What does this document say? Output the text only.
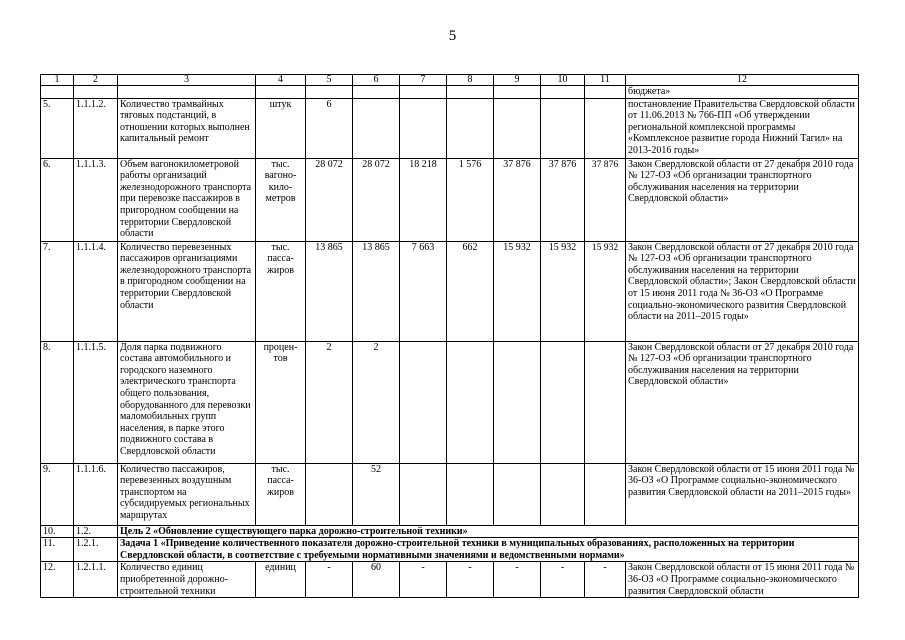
5
1	2	3	4	5	6	7	8	9	10	11	12
											бюджета»
5.	1.1.1.2.	Количество трамвайных тяговых подстанций, в отношении которых выполнен капитальный ремонт	штук	6							постановление Правительства Свердловской области от 11.06.2013 № 766-ПП «Об утверждении региональной комплексной программы «Комплексное развитие города Нижний Тагил» на 2013-2016 годы»
6.	1.1.1.3.	Объем вагонокилометровой работы организаций железнодорожного транспорта при перевозке пассажиров в пригородном сообщении на территории Свердловской области	тыс. вагоно-кило-метров	28 072	28 072	18 218	1 576	37 876	37 876	37 876	Закон Свердловской области от 27 декабря 2010 года № 127-ОЗ «Об организации транспортного обслуживания населения на территории Свердловской области»
7.	1.1.1.4.	Количество перевезенных пассажиров организациями железнодорожного транспорта в пригородном сообщении на территории Свердловской области	тыс. пасса-жиров	13 865	13 865	7 663	662	15 932	15 932	15 932	Закон Свердловской области от 27 декабря 2010 года № 127-ОЗ «Об организации транспортного обслуживания населения на территории Свердловской области»; Закон Свердловской области от 15 июня 2011 года № 36-ОЗ «О Программе социально-экономического развития Свердловской области на 2011–2015 годы»
8.	1.1.1.5.	Доля парка подвижного состава автомобильного и городского наземного электрического транспорта общего пользования, оборудованного для перевозки маломобильных групп населения, в парке этого подвижного состава в Свердловской области	процен-тов	2	2						Закон Свердловской области от 27 декабря 2010 года № 127-ОЗ «Об организации транспортного обслуживания населения на территории Свердловской области»
9.	1.1.1.6.	Количество пассажиров, перевезенных воздушным транспортом на субсидируемых региональных маршрутах	тыс. пасса-жиров		52						Закон Свердловской области от 15 июня 2011 года № 36-ОЗ «О Программе социально-экономического развития Свердловской области на 2011–2015 годы»
10.	1.2.	Цель 2 «Обновление существующего парка дорожно-строительной техники»									
11.	1.2.1.	Задача 1 «Приведение количественного показателя дорожно-строительной техники в муниципальных образованиях, расположенных на территории Свердловской области, в соответствие с требуемыми нормативными значениями и ведомственными нормами»									
12.	1.2.1.1.	Количество единиц приобретенной дорожно-строительной техники	единиц	-	60	-	-	-	-	-	Закон Свердловской области от 15 июня 2011 года № 36-ОЗ «О Программе социально-экономического развития Свердловской области
